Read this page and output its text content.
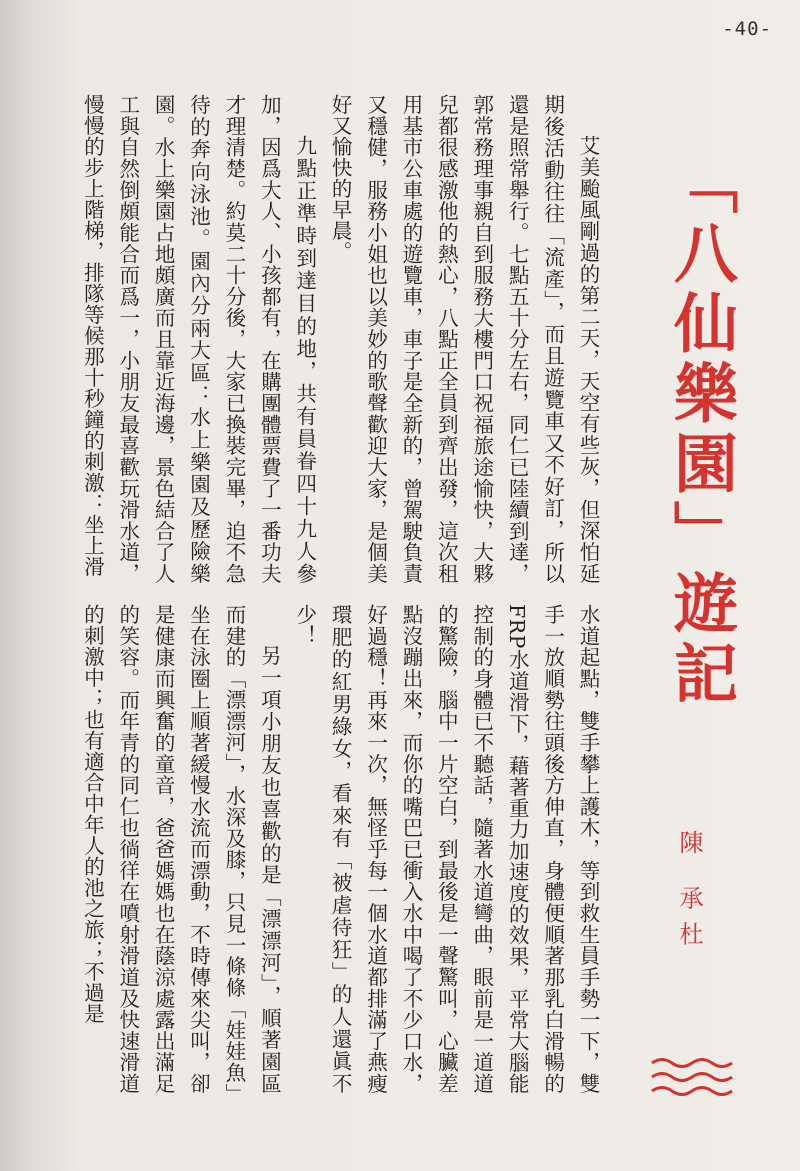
-40-
「八仙樂園」遊記
陳 承杜

艾美颱風剛過的第二天，天空有些灰，但深怕延期後活動往往「流產」，而且遊覽車又不好訂，所以還是照常舉行。七點五十分左右，同仁已陸續到達，郭常務理事親自到服務大樓門口祝福旅途愉快，大夥兒都很感激他的熱心，八點正全員到齊出發，這次租用基市公車處的遊覽車，車子是全新的，曾駕駛負責又穩健，服務小姐也以美妙的歌聲歡迎大家，是個美好又愉快的早晨。

九點正準時到達目的地，共有員眷四十九人參加，因爲大人、小孩都有，在購團體票費了一番功夫才理清楚。約莫二十分後，大家已換裝完畢，迫不急待的奔向泳池。園內分兩大區：水上樂園及歷險樂園。水上樂園占地頗廣而且靠近海邊，景色結合了人工與自然倒頗能合而爲一，小朋友最喜歡玩滑水道，慢慢的步上階梯，排隊等候那十秒鐘的刺激：坐上滑

水道起點，雙手攀上護木，等到救生員手勢一下，雙手一放順勢往頭後方伸直，身體便順著那乳白滑暢的FRP水道滑下，藉著重力加速度的效果，平常大腦能控制的身體已不聽話，隨著水道彎曲，眼前是一道道的驚險，腦中一片空白，到最後是一聲驚叫，心臟差點沒蹦出來，而你的嘴巴已衝入水中喝了不少口水，好過穩！再來一次，無怪乎每一個水道都排滿了燕瘦環肥的紅男綠女，看來有「被虐待狂」的人還眞不少！

另一項小朋友也喜歡的是「漂漂河」，順著園區而建的「漂漂河」，水深及膝，只見一條條「娃娃魚」坐在泳圈上順著緩慢水流而漂動，不時傳來尖叫，卻是健康而興奮的童音，爸爸媽媽也在蔭涼處露出滿足的笑容。而年青的同仁也徜徉在噴射滑道及快速滑道的刺激中；也有適合中年人的池之旅；不過是
